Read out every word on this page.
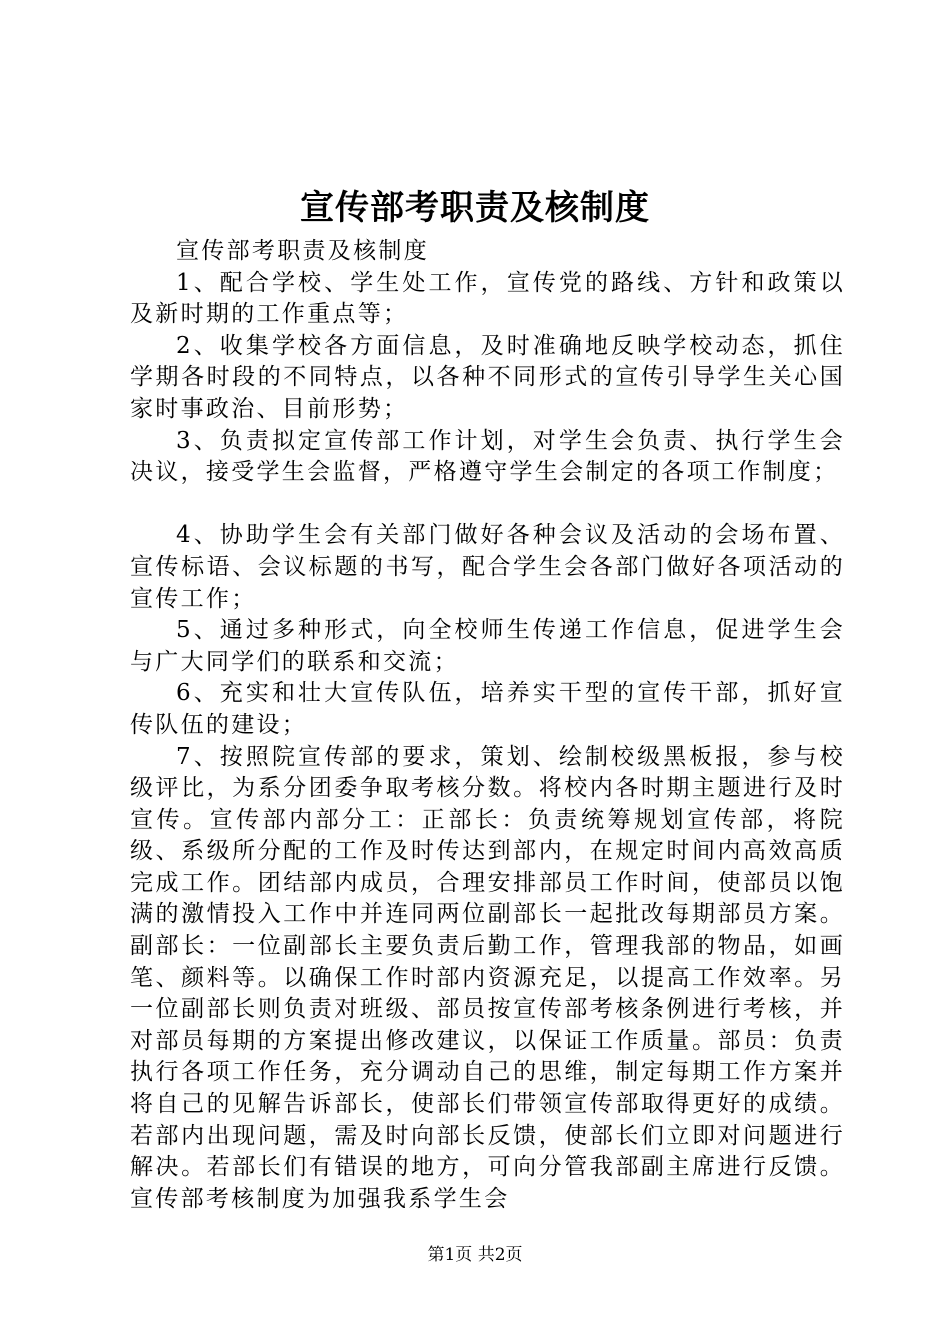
宣传部考职责及核制度

宣传部考职责及核制度

1、配合学校、学生处工作，宣传党的路线、方针和政策以及新时期的工作重点等；

2、收集学校各方面信息，及时准确地反映学校动态，抓住学期各时段的不同特点，以各种不同形式的宣传引导学生关心国家时事政治、目前形势；

3、负责拟定宣传部工作计划，对学生会负责、执行学生会决议，接受学生会监督，严格遵守学生会制定的各项工作制度；

4、协助学生会有关部门做好各种会议及活动的会场布置、宣传标语、会议标题的书写，配合学生会各部门做好各项活动的宣传工作；

5、通过多种形式，向全校师生传递工作信息，促进学生会与广大同学们的联系和交流；

6、充实和壮大宣传队伍，培养实干型的宣传干部，抓好宣传队伍的建设；

7、按照院宣传部的要求，策划、绘制校级黑板报，参与校级评比，为系分团委争取考核分数。将校内各时期主题进行及时宣传。宣传部内部分工：正部长：负责统筹规划宣传部，将院级、系级所分配的工作及时传达到部内，在规定时间内高效高质完成工作。团结部内成员，合理安排部员工作时间，使部员以饱满的激情投入工作中并连同两位副部长一起批改每期部员方案。副部长：一位副部长主要负责后勤工作，管理我部的物品，如画笔、颜料等。以确保工作时部内资源充足，以提高工作效率。另一位副部长则负责对班级、部员按宣传部考核条例进行考核，并对部员每期的方案提出修改建议，以保证工作质量。部员：负责执行各项工作任务，充分调动自己的思维，制定每期工作方案并将自己的见解告诉部长，使部长们带领宣传部取得更好的成绩。若部内出现问题，需及时向部长反馈，使部长们立即对问题进行解决。若部长们有错误的地方，可向分管我部副主席进行反馈。宣传部考核制度为加强我系学生会

第1页 共2页
